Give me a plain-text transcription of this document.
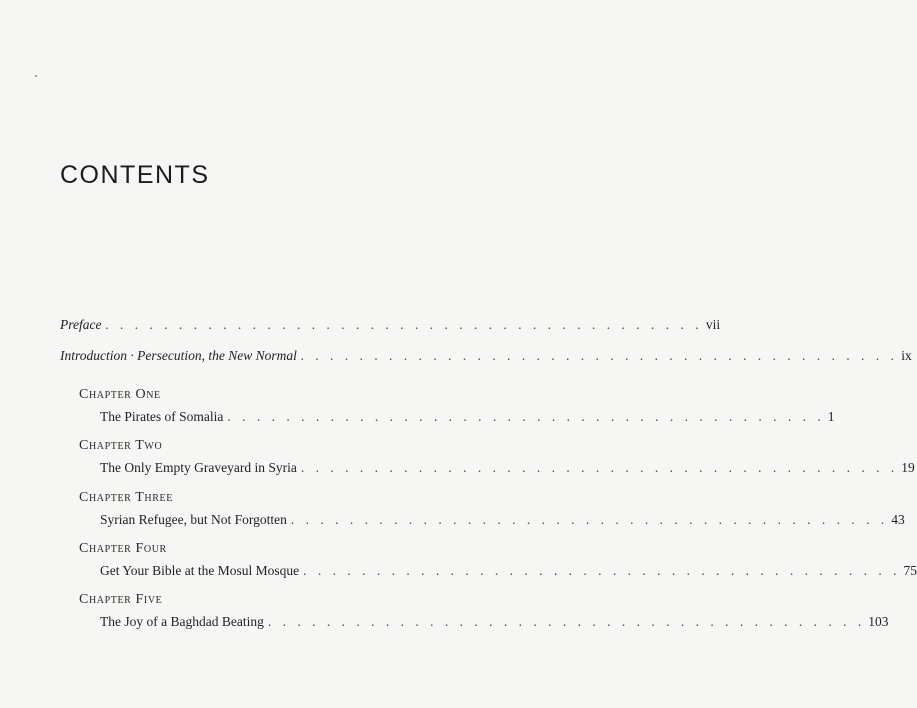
CONTENTS
Preface . . . . . . . . . . . . . . . . . . . . . . . . . . . . . . . . . . . . . . . . . vii
Introduction · Persecution, the New Normal . . . . . . . . . . . . . . . . . . . . . . . . . . . . . . . . . . . . . . . . . ix
Chapter One
The Pirates of Somalia . . . . . . . . . . . . . . . . . . . . . . . . . . . . . . . . . . . . . . . . . 1
Chapter Two
The Only Empty Graveyard in Syria . . . . . . . . . . . . . . . . . . . . . . . . . . . . . . . . . . . . . . . . . 19
Chapter Three
Syrian Refugee, but Not Forgotten . . . . . . . . . . . . . . . . . . . . . . . . . . . . . . . . . . . . . . . . . 43
Chapter Four
Get Your Bible at the Mosul Mosque . . . . . . . . . . . . . . . . . . . . . . . . . . . . . . . . . . . . . . . . . 75
Chapter Five
The Joy of a Baghdad Beating . . . . . . . . . . . . . . . . . . . . . . . . . . . . . . . . . . . . . . . . . 103
